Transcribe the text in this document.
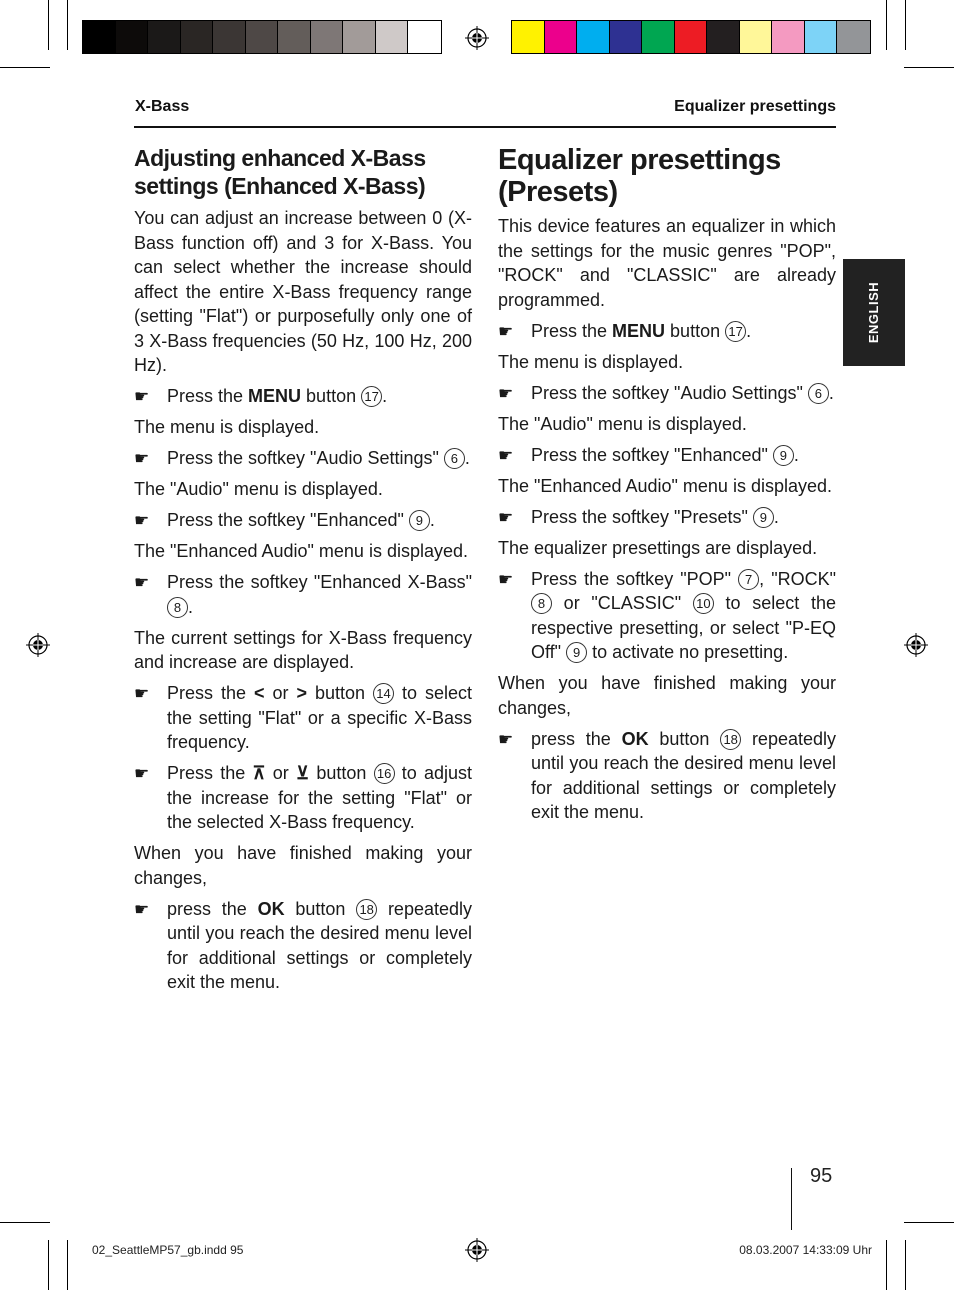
X-Bass	Equalizer presettings
ENGLISH
Adjusting enhanced X-Bass settings (Enhanced X-Bass)

You can adjust an increase between 0 (X-Bass function off) and 3 for X-Bass. You can select whether the increase should affect the entire X-Bass frequency range (setting "Flat") or purposefully only one of 3 X-Bass frequencies (50 Hz, 100 Hz, 200 Hz).

☛ Press the MENU button 17 .

The menu is displayed.

☛ Press the softkey "Audio Settings" 6 .

The "Audio" menu is displayed.

☛ Press the softkey "Enhanced" 9 .

The "Enhanced Audio" menu is displayed.

☛ Press the softkey "Enhanced X-Bass" 8 .

The current settings for X-Bass frequency and increase are displayed.

☛ Press the < or > button 14 to select the setting "Flat" or a specific X-Bass frequency.
☛ Press the ⊼ or ⊻ button 16 to adjust the increase for the setting "Flat" or the selected X-Bass frequency.

When you have finished making your changes,

☛ press the OK button 18 repeatedly until you reach the desired menu level for additional settings or completely exit the menu.
Equalizer presettings (Presets)

This device features an equalizer in which the settings for the music genres "POP", "ROCK" and "CLASSIC" are already programmed.

☛ Press the MENU button 17 .

The menu is displayed.

☛ Press the softkey "Audio Settings" 6 .

The "Audio" menu is displayed.

☛ Press the softkey "Enhanced" 9 .

The "Enhanced Audio" menu is displayed.

☛ Press the softkey "Presets" 9 .

The equalizer presettings are displayed.

☛ Press the softkey "POP" 7 , "ROCK" 8 or "CLASSIC" 10 to select the respective presetting, or select "P-EQ Off" 9 to activate no presetting.

When you have finished making your changes,

☛ press the OK button 18 repeatedly until you reach the desired menu level for additional settings or completely exit the menu.
95
02_SeattleMP57_gb.indd 95	08.03.2007 14:33:09 Uhr
